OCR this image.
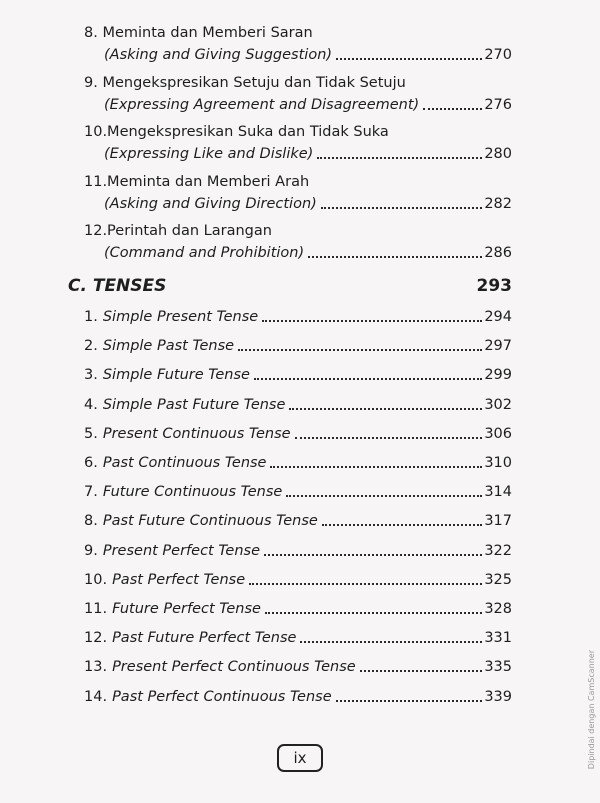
8. Meminta dan Memberi Saran
(Asking and Giving Suggestion)	270
9. Mengekspresikan Setuju dan Tidak Setuju
(Expressing Agreement and Disagreement)	276
10.Mengekspresikan Suka dan Tidak Suka
(Expressing Like and Dislike)	280
11.Meminta dan Memberi Arah
(Asking and Giving Direction)	282
12.Perintah dan Larangan
(Command and Prohibition)	286
C. TENSES	293
1. Simple Present Tense	294
2. Simple Past Tense	297
3. Simple Future Tense	299
4. Simple Past Future Tense	302
5. Present Continuous Tense	306
6. Past Continuous Tense	310
7. Future Continuous Tense	314
8. Past Future Continuous Tense	317
9. Present Perfect Tense	322
10. Past Perfect Tense	325
11. Future Perfect Tense	328
12. Past Future Perfect Tense	331
13. Present Perfect Continuous Tense	335
14. Past Perfect Continuous Tense	339
ix	Dipindai dengan CamScanner
